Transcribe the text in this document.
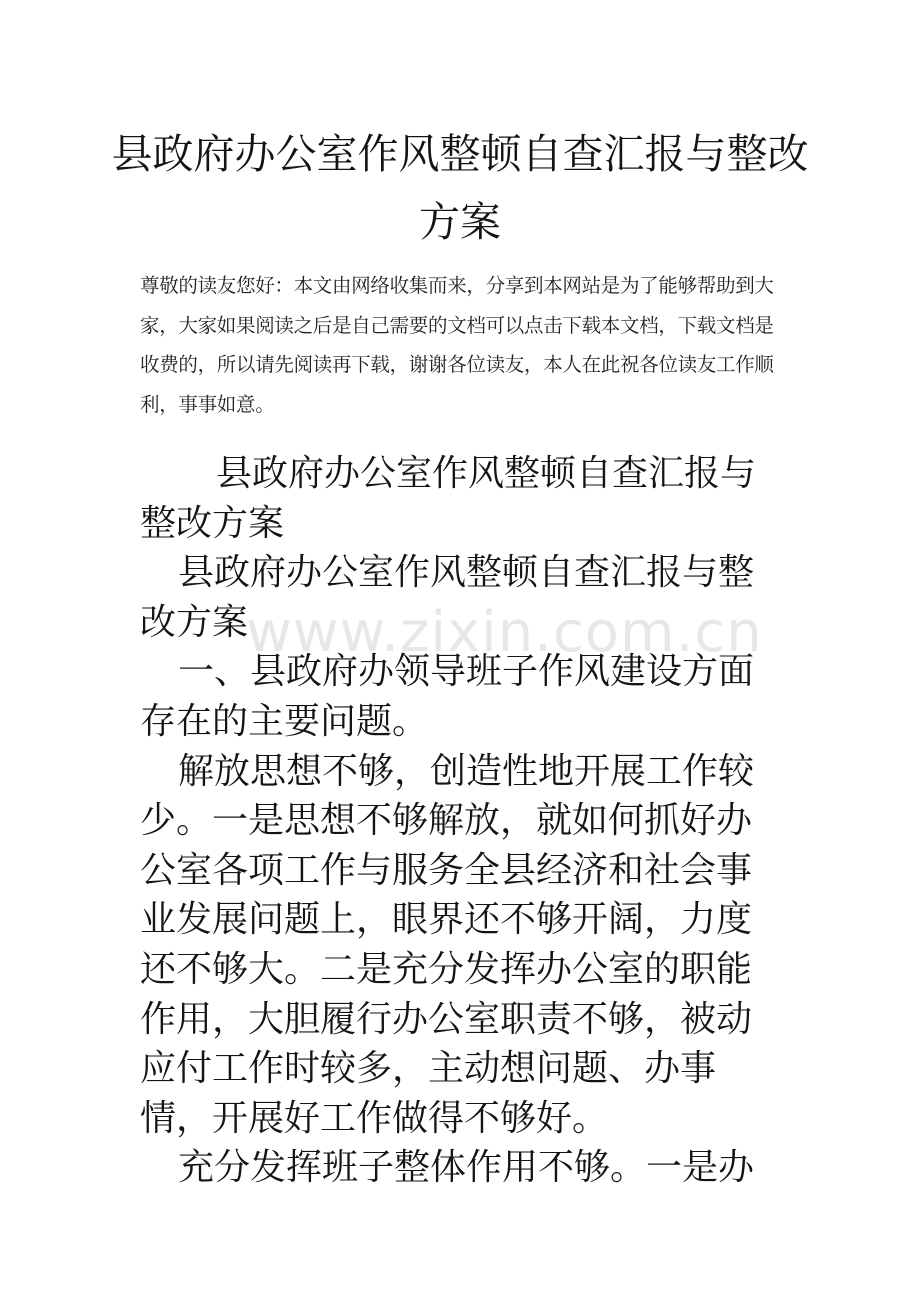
县政府办公室作风整顿自查汇报与整改方案

尊敬的读友您好：本文由网络收集而来，分享到本网站是为了能够帮助到大家，大家如果阅读之后是自己需要的文档可以点击下载本文档，下载文档是收费的，所以请先阅读再下载，谢谢各位读友，本人在此祝各位读友工作顺利，事事如意。

县政府办公室作风整顿自查汇报与整改方案

县政府办公室作风整顿自查汇报与整改方案

一、县政府办领导班子作风建设方面存在的主要问题。

解放思想不够，创造性地开展工作较少。一是思想不够解放，就如何抓好办公室各项工作与服务全县经济和社会事业发展问题上，眼界还不够开阔，力度还不够大。二是充分发挥办公室的职能作用，大胆履行办公室职责不够，被动应付工作时较多，主动想问题、办事情，开展好工作做得不够好。

充分发挥班子整体作用不够。一是办

www.zixin.com.cn
